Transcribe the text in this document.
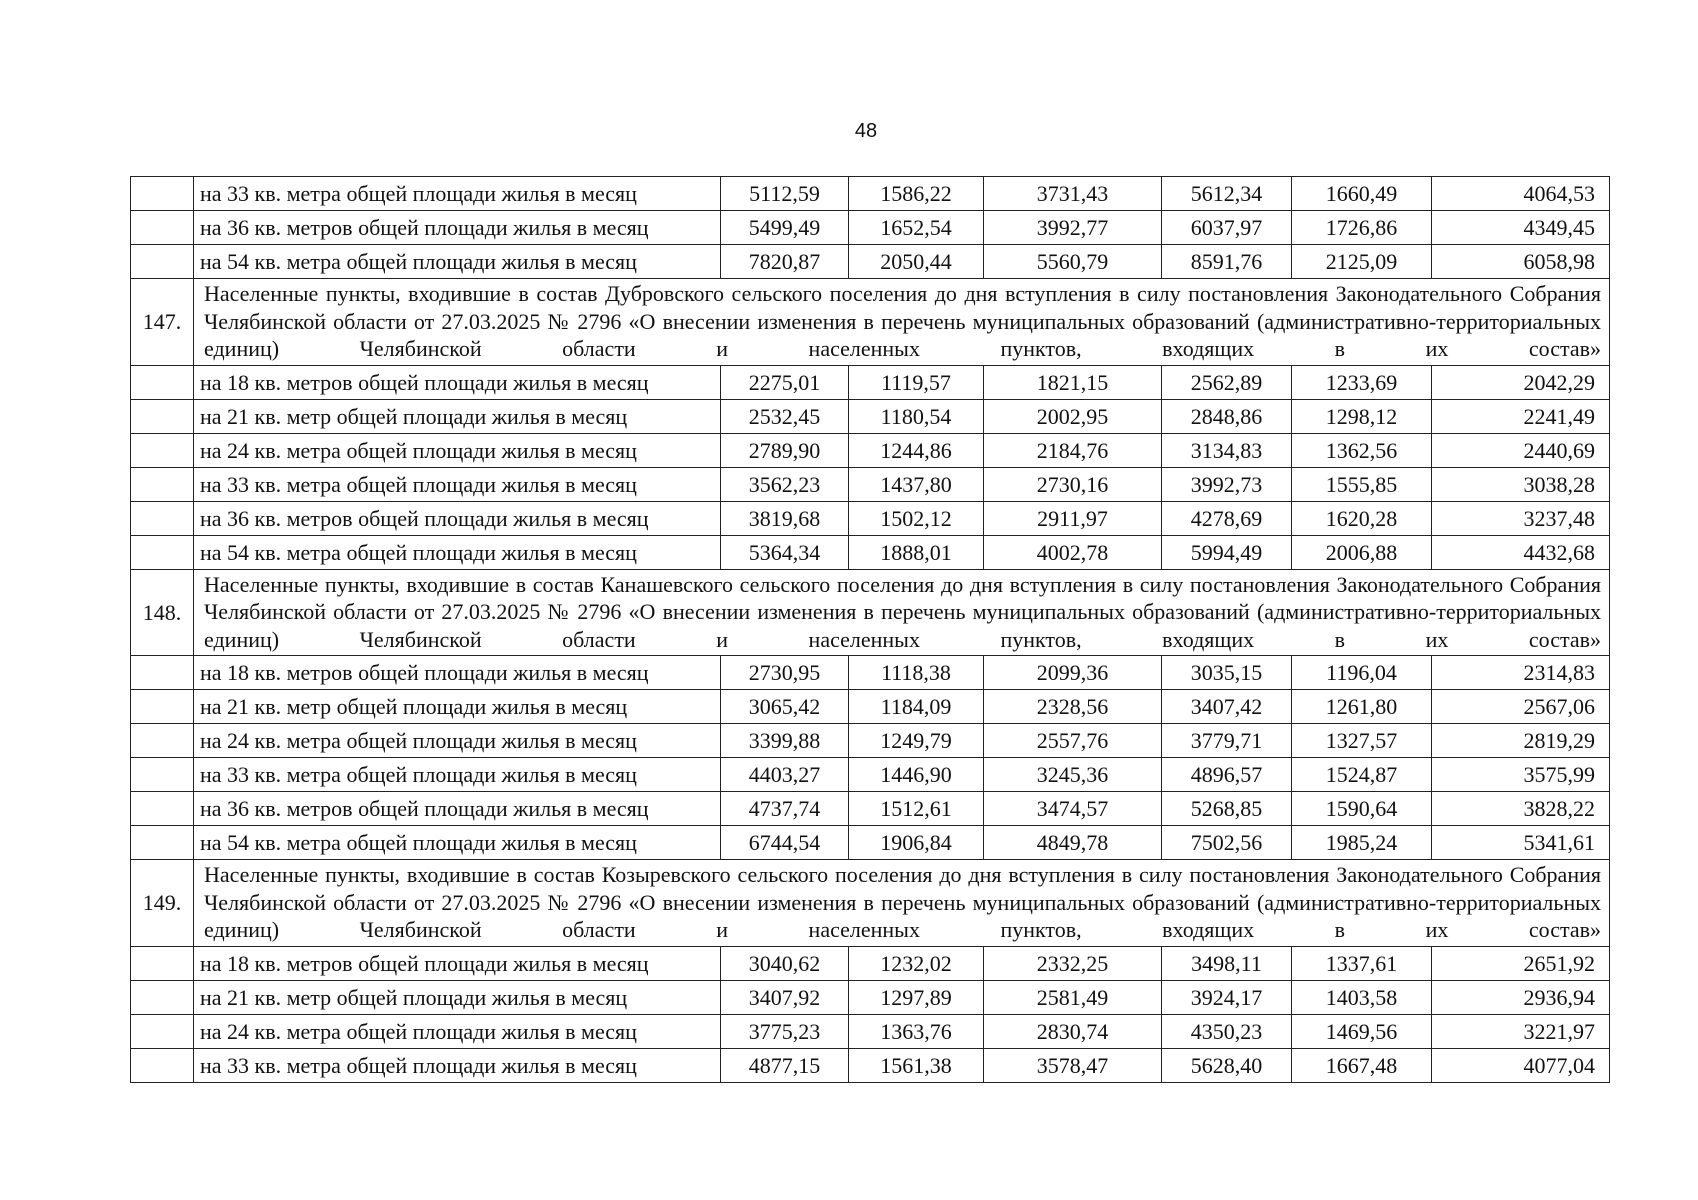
48
	на 33 кв. метра общей площади жилья в месяц	5112,59	1586,22	3731,43	5612,34	1660,49	4064,53
	на 36 кв. метров общей площади жилья в месяц	5499,49	1652,54	3992,77	6037,97	1726,86	4349,45
	на 54 кв. метра общей площади жилья в месяц	7820,87	2050,44	5560,79	8591,76	2125,09	6058,98
147.	Населенные пункты, входившие в состав Дубровского сельского поселения до дня вступления в силу постановления Законодательного Собрания Челябинской области от 27.03.2025 № 2796 «О внесении изменения в перечень муниципальных образований (административно-территориальных единиц) Челябинской области и населенных пунктов, входящих в их состав»						
	на 18 кв. метров общей площади жилья в месяц	2275,01	1119,57	1821,15	2562,89	1233,69	2042,29
	на 21 кв. метр общей площади жилья в месяц	2532,45	1180,54	2002,95	2848,86	1298,12	2241,49
	на 24 кв. метра общей площади жилья в месяц	2789,90	1244,86	2184,76	3134,83	1362,56	2440,69
	на 33 кв. метра общей площади жилья в месяц	3562,23	1437,80	2730,16	3992,73	1555,85	3038,28
	на 36 кв. метров общей площади жилья в месяц	3819,68	1502,12	2911,97	4278,69	1620,28	3237,48
	на 54 кв. метра общей площади жилья в месяц	5364,34	1888,01	4002,78	5994,49	2006,88	4432,68
148.	Населенные пункты, входившие в состав Канашевского сельского поселения до дня вступления в силу постановления Законодательного Собрания Челябинской области от 27.03.2025 № 2796 «О внесении изменения в перечень муниципальных образований (административно-территориальных единиц) Челябинской области и населенных пунктов, входящих в их состав»						
	на 18 кв. метров общей площади жилья в месяц	2730,95	1118,38	2099,36	3035,15	1196,04	2314,83
	на 21 кв. метр общей площади жилья в месяц	3065,42	1184,09	2328,56	3407,42	1261,80	2567,06
	на 24 кв. метра общей площади жилья в месяц	3399,88	1249,79	2557,76	3779,71	1327,57	2819,29
	на 33 кв. метра общей площади жилья в месяц	4403,27	1446,90	3245,36	4896,57	1524,87	3575,99
	на 36 кв. метров общей площади жилья в месяц	4737,74	1512,61	3474,57	5268,85	1590,64	3828,22
	на 54 кв. метра общей площади жилья в месяц	6744,54	1906,84	4849,78	7502,56	1985,24	5341,61
149.	Населенные пункты, входившие в состав Козыревского сельского поселения до дня вступления в силу постановления Законодательного Собрания Челябинской области от 27.03.2025 № 2796 «О внесении изменения в перечень муниципальных образований (административно-территориальных единиц) Челябинской области и населенных пунктов, входящих в их состав»						
	на 18 кв. метров общей площади жилья в месяц	3040,62	1232,02	2332,25	3498,11	1337,61	2651,92
	на 21 кв. метр общей площади жилья в месяц	3407,92	1297,89	2581,49	3924,17	1403,58	2936,94
	на 24 кв. метра общей площади жилья в месяц	3775,23	1363,76	2830,74	4350,23	1469,56	3221,97
	на 33 кв. метра общей площади жилья в месяц	4877,15	1561,38	3578,47	5628,40	1667,48	4077,04
